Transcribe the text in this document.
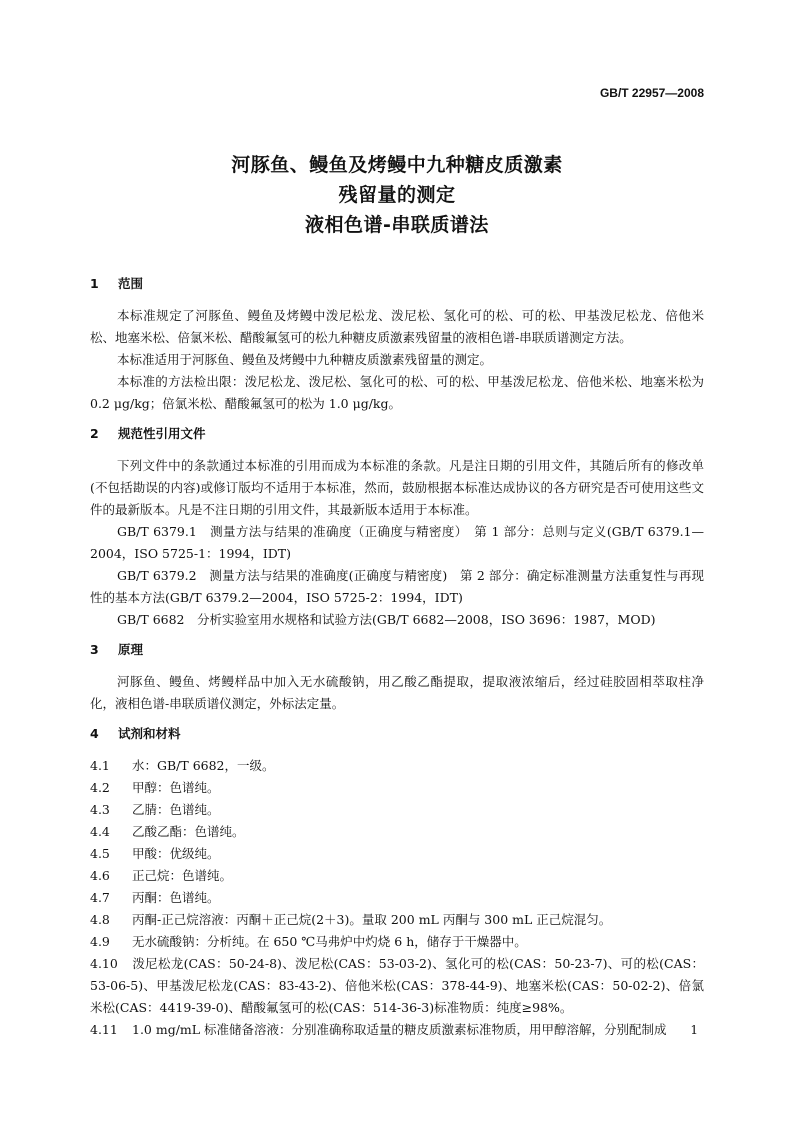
GB/T 22957—2008
河豚鱼、鳗鱼及烤鳗中九种糖皮质激素
残留量的测定
液相色谱-串联质谱法

1 范围

本标准规定了河豚鱼、鳗鱼及烤鳗中泼尼松龙、泼尼松、氢化可的松、可的松、甲基泼尼松龙、倍他米松、地塞米松、倍氯米松、醋酸氟氢可的松九种糖皮质激素残留量的液相色谱-串联质谱测定方法。

本标准适用于河豚鱼、鳗鱼及烤鳗中九种糖皮质激素残留量的测定。

本标准的方法检出限：泼尼松龙、泼尼松、氢化可的松、可的松、甲基泼尼松龙、倍他米松、地塞米松为 0.2 μg/kg；倍氯米松、醋酸氟氢可的松为 1.0 μg/kg。

2 规范性引用文件

下列文件中的条款通过本标准的引用而成为本标准的条款。凡是注日期的引用文件，其随后所有的修改单(不包括勘误的内容)或修订版均不适用于本标准，然而，鼓励根据本标准达成协议的各方研究是否可使用这些文件的最新版本。凡是不注日期的引用文件，其最新版本适用于本标准。

GB/T 6379.1　测量方法与结果的准确度（正确度与精密度）　第 1 部分：总则与定义(GB/T 6379.1—2004，ISO 5725-1：1994，IDT)

GB/T 6379.2　测量方法与结果的准确度(正确度与精密度)　第 2 部分：确定标准测量方法重复性与再现性的基本方法(GB/T 6379.2—2004，ISO 5725-2：1994，IDT)

GB/T 6682　分析实验室用水规格和试验方法(GB/T 6682—2008，ISO 3696：1987，MOD)

3 原理

河豚鱼、鳗鱼、烤鳗样品中加入无水硫酸钠，用乙酸乙酯提取，提取液浓缩后，经过硅胶固相萃取柱净化，液相色谱-串联质谱仪测定，外标法定量。

4 试剂和材料

4.1 水：GB/T 6682，一级。

4.2 甲醇：色谱纯。

4.3 乙腈：色谱纯。

4.4 乙酸乙酯：色谱纯。

4.5 甲酸：优级纯。

4.6 正己烷：色谱纯。

4.7 丙酮：色谱纯。

4.8 丙酮-正己烷溶液：丙酮＋正己烷(2＋3)。量取 200 mL 丙酮与 300 mL 正己烷混匀。

4.9 无水硫酸钠：分析纯。在 650 ℃马弗炉中灼烧 6 h，储存于干燥器中。

4.10 泼尼松龙(CAS：50-24-8)、泼尼松(CAS：53-03-2)、氢化可的松(CAS：50-23-7)、可的松(CAS：53-06-5)、甲基泼尼松龙(CAS：83-43-2)、倍他米松(CAS：378-44-9)、地塞米松(CAS：50-02-2)、倍氯米松(CAS：4419-39-0)、醋酸氟氢可的松(CAS：514-36-3)标准物质：纯度≥98%。

4.11 1.0 mg/mL 标准储备溶液：分别准确称取适量的糖皮质激素标准物质，用甲醇溶解，分别配制成	1
